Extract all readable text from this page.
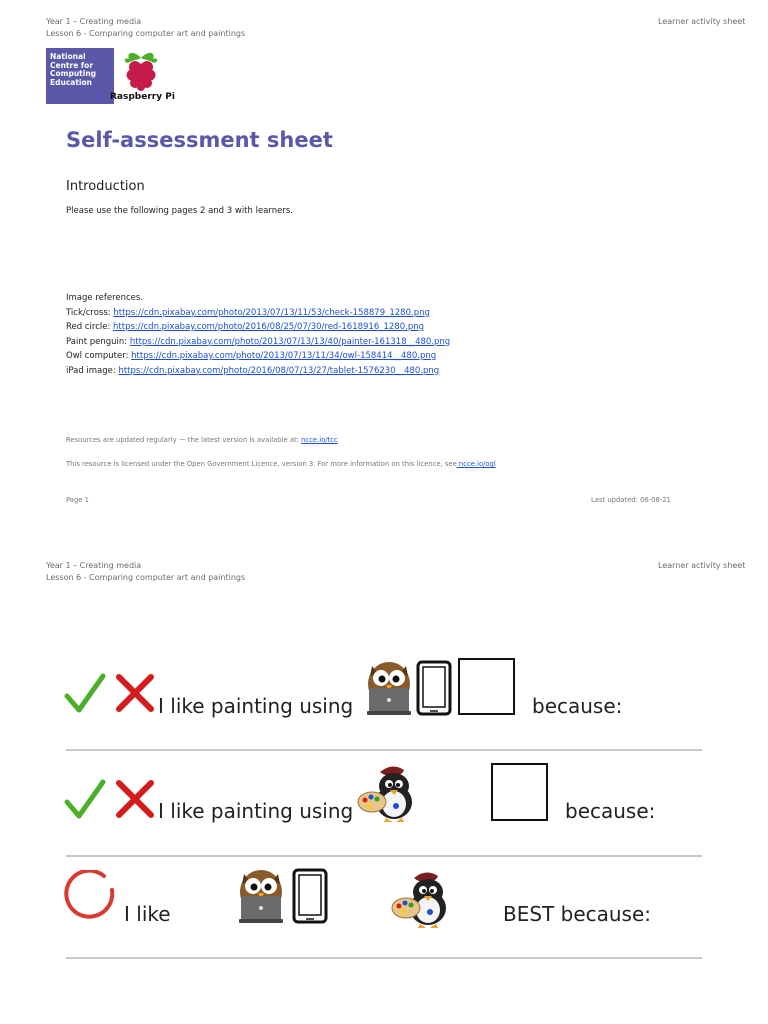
Year 1 – Creating media
Lesson 6 - Comparing computer art and paintings
Learner activity sheet
National
Centre for
Computing
Education
Raspberry Pi
Self-assessment sheet
Introduction
Please use the following pages 2 and 3 with learners.
Image references.
Tick/cross: https://cdn.pixabay.com/photo/2013/07/13/11/53/check-158879_1280.png
Red circle: https://cdn.pixabay.com/photo/2016/08/25/07/30/red-1618916_1280.png
Paint penguin: https://cdn.pixabay.com/photo/2013/07/13/13/40/painter-161318__480.png
Owl computer: https://cdn.pixabay.com/photo/2013/07/13/11/34/owl-158414__480.png
iPad image: https://cdn.pixabay.com/photo/2016/08/07/13/27/tablet-1576230__480.png
Resources are updated regularly — the latest version is available at: ncce.io/tcc
This resource is licensed under the Open Government Licence, version 3. For more information on this licence, see ncce.io/ogl
Page 1	Last updated: 06-08-21
Year 1 – Creating media
Lesson 6 - Comparing computer art and paintings
Learner activity sheet
I like painting using	because:
I like painting using	because:
I like	BEST because:
